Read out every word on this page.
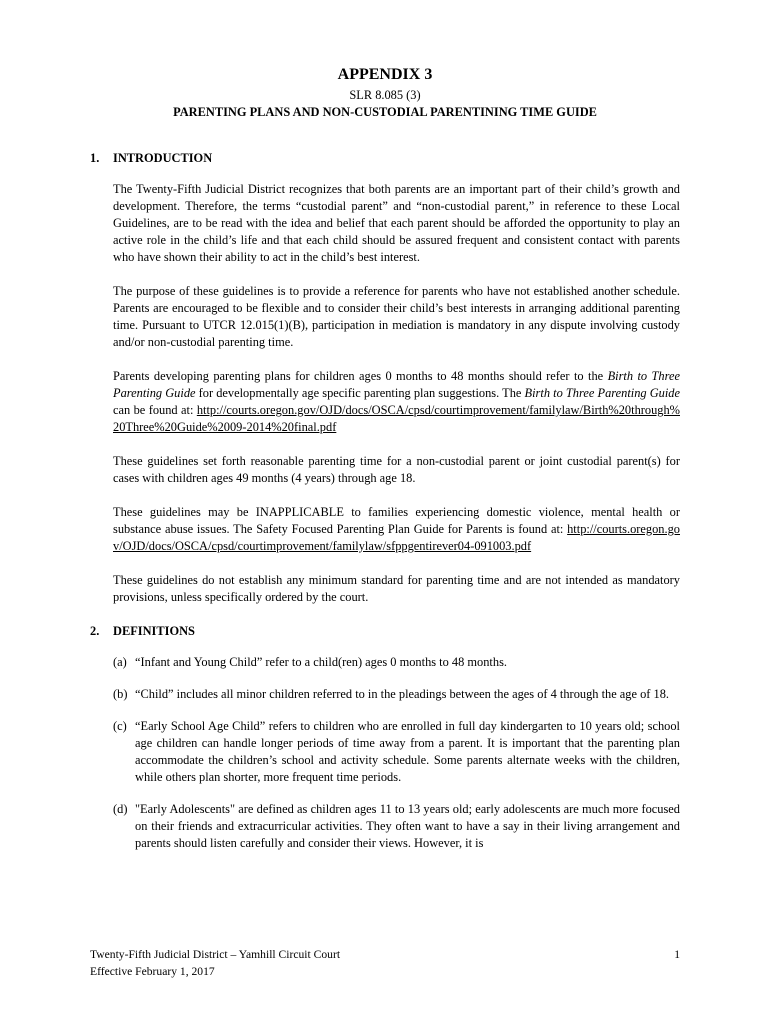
APPENDIX 3
SLR 8.085 (3)
PARENTING PLANS AND NON-CUSTODIAL PARENTINING TIME GUIDE
1.	INTRODUCTION

The Twenty-Fifth Judicial District recognizes that both parents are an important part of their child’s growth and development. Therefore, the terms “custodial parent” and “non-custodial parent,” in reference to these Local Guidelines, are to be read with the idea and belief that each parent should be afforded the opportunity to play an active role in the child’s life and that each child should be assured frequent and consistent contact with parents who have shown their ability to act in the child’s best interest.

The purpose of these guidelines is to provide a reference for parents who have not established another schedule. Parents are encouraged to be flexible and to consider their child’s best interests in arranging additional parenting time. Pursuant to UTCR 12.015(1)(B), participation in mediation is mandatory in any dispute involving custody and/or non-custodial parenting time.

Parents developing parenting plans for children ages 0 months to 48 months should refer to the Birth to Three Parenting Guide for developmentally age specific parenting plan suggestions. The Birth to Three Parenting Guide can be found at: http://courts.oregon.gov/OJD/docs/OSCA/cpsd/courtimprovement/familylaw/Birth%20through%20Three%20Guide%2009-2014%20final.pdf

These guidelines set forth reasonable parenting time for a non-custodial parent or joint custodial parent(s) for cases with children ages 49 months (4 years) through age 18.

These guidelines may be INAPPLICABLE to families experiencing domestic violence, mental health or substance abuse issues. The Safety Focused Parenting Plan Guide for Parents is found at: http://courts.oregon.gov/OJD/docs/OSCA/cpsd/courtimprovement/familylaw/sfppgentirever04-091003.pdf

These guidelines do not establish any minimum standard for parenting time and are not intended as mandatory provisions, unless specifically ordered by the court.

2.	DEFINITIONS
(a) “Infant and Young Child” refer to a child(ren) ages 0 months to 48 months.
(b) “Child” includes all minor children referred to in the pleadings between the ages of 4 through the age of 18.
(c) “Early School Age Child” refers to children who are enrolled in full day kindergarten to 10 years old; school age children can handle longer periods of time away from a parent. It is important that the parenting plan accommodate the children’s school and activity schedule. Some parents alternate weeks with the children, while others plan shorter, more frequent time periods.
(d) "Early Adolescents" are defined as children ages 11 to 13 years old; early adolescents are much more focused on their friends and extracurricular activities. They often want to have a say in their living arrangement and parents should listen carefully and consider their views. However, it is
Twenty-Fifth Judicial District – Yamhill Circuit Court	1
Effective February 1, 2017
